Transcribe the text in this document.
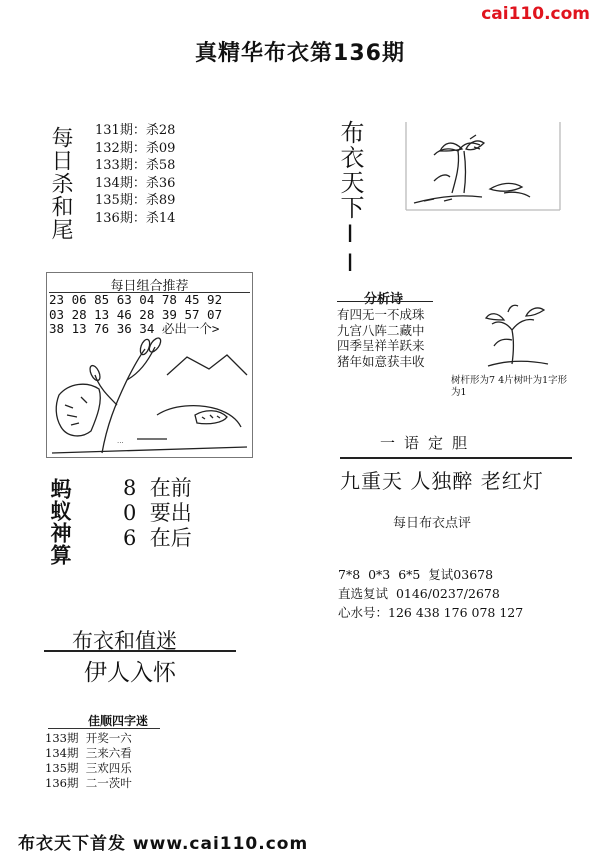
cai110.com
真精华布衣第136期
每日杀和尾 131期：杀28
132期：杀09
133期：杀58
134期：杀36
135期：杀89
136期：杀14
每日组合推荐
23 06 85 63 04 78 45 92
03 28 13 46 28 39 57 07
38 13 76 36 34 必出一个>
···
蚂蚁神算 8  在前
0  要出
6  在后
布衣和值迷
伊人入怀
佳顺四字迷
133期  开奖一六
134期  三来六看
135期  三欢四乐
136期  二一茨叶
布衣天下II
分析诗
有四无一不成珠
九宫八阵二藏中
四季呈祥羊跃来
猪年如意获丰收
树杆形为7 4片树叶为1字形为1
一语定胆
九重天 人独醉 老红灯
每日布衣点评
7*8  0*3  6*5  复试03678
直选复试  0146/0237/2678
心水号：126 438 176 078 127
布衣天下首发 www.cai110.com
